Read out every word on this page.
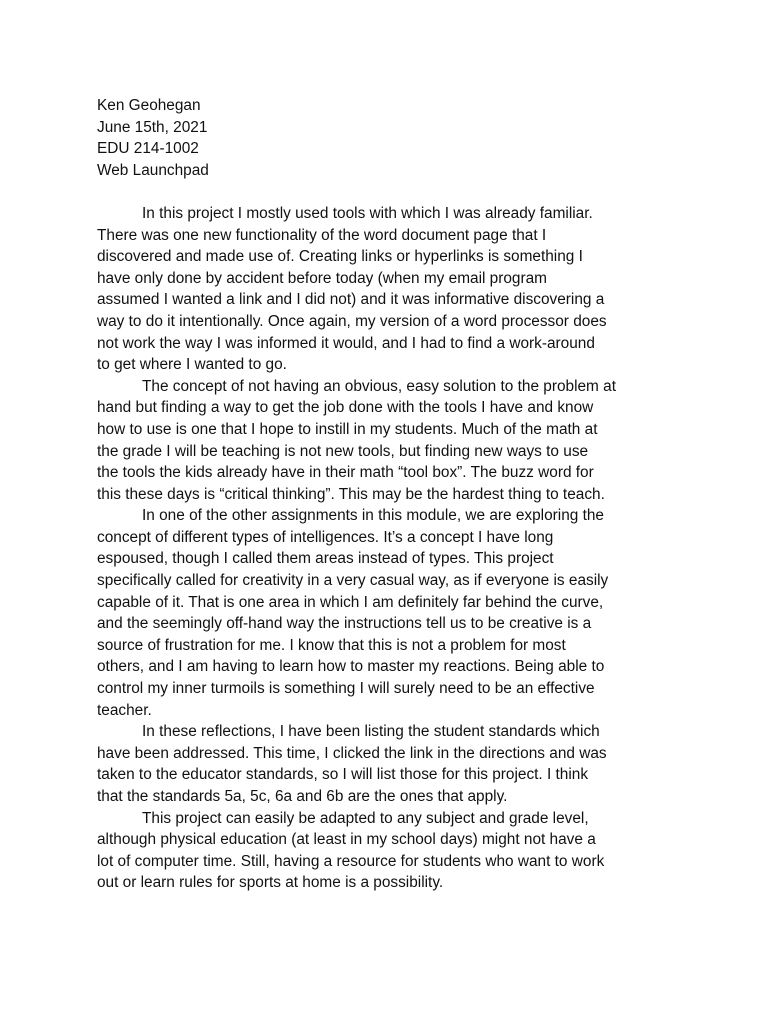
Ken Geohegan
June 15th, 2021
EDU 214-1002
Web Launchpad

In this project I mostly used tools with which I was already familiar.
There was one new functionality of the word document page that I
discovered and made use of. Creating links or hyperlinks is something I
have only done by accident before today (when my email program
assumed I wanted a link and I did not) and it was informative discovering a
way to do it intentionally. Once again, my version of a word processor does
not work the way I was informed it would, and I had to find a work-around
to get where I wanted to go.

The concept of not having an obvious, easy solution to the problem at
hand but finding a way to get the job done with the tools I have and know
how to use is one that I hope to instill in my students. Much of the math at
the grade I will be teaching is not new tools, but finding new ways to use
the tools the kids already have in their math “tool box”. The buzz word for
this these days is “critical thinking”. This may be the hardest thing to teach.

In one of the other assignments in this module, we are exploring the
concept of different types of intelligences. It’s a concept I have long
espoused, though I called them areas instead of types. This project
specifically called for creativity in a very casual way, as if everyone is easily
capable of it. That is one area in which I am definitely far behind the curve,
and the seemingly off-hand way the instructions tell us to be creative is a
source of frustration for me. I know that this is not a problem for most
others, and I am having to learn how to master my reactions. Being able to
control my inner turmoils is something I will surely need to be an effective
teacher.

In these reflections, I have been listing the student standards which
have been addressed. This time, I clicked the link in the directions and was
taken to the educator standards, so I will list those for this project. I think
that the standards 5a, 5c, 6a and 6b are the ones that apply.

This project can easily be adapted to any subject and grade level,
although physical education (at least in my school days) might not have a
lot of computer time. Still, having a resource for students who want to work
out or learn rules for sports at home is a possibility.
